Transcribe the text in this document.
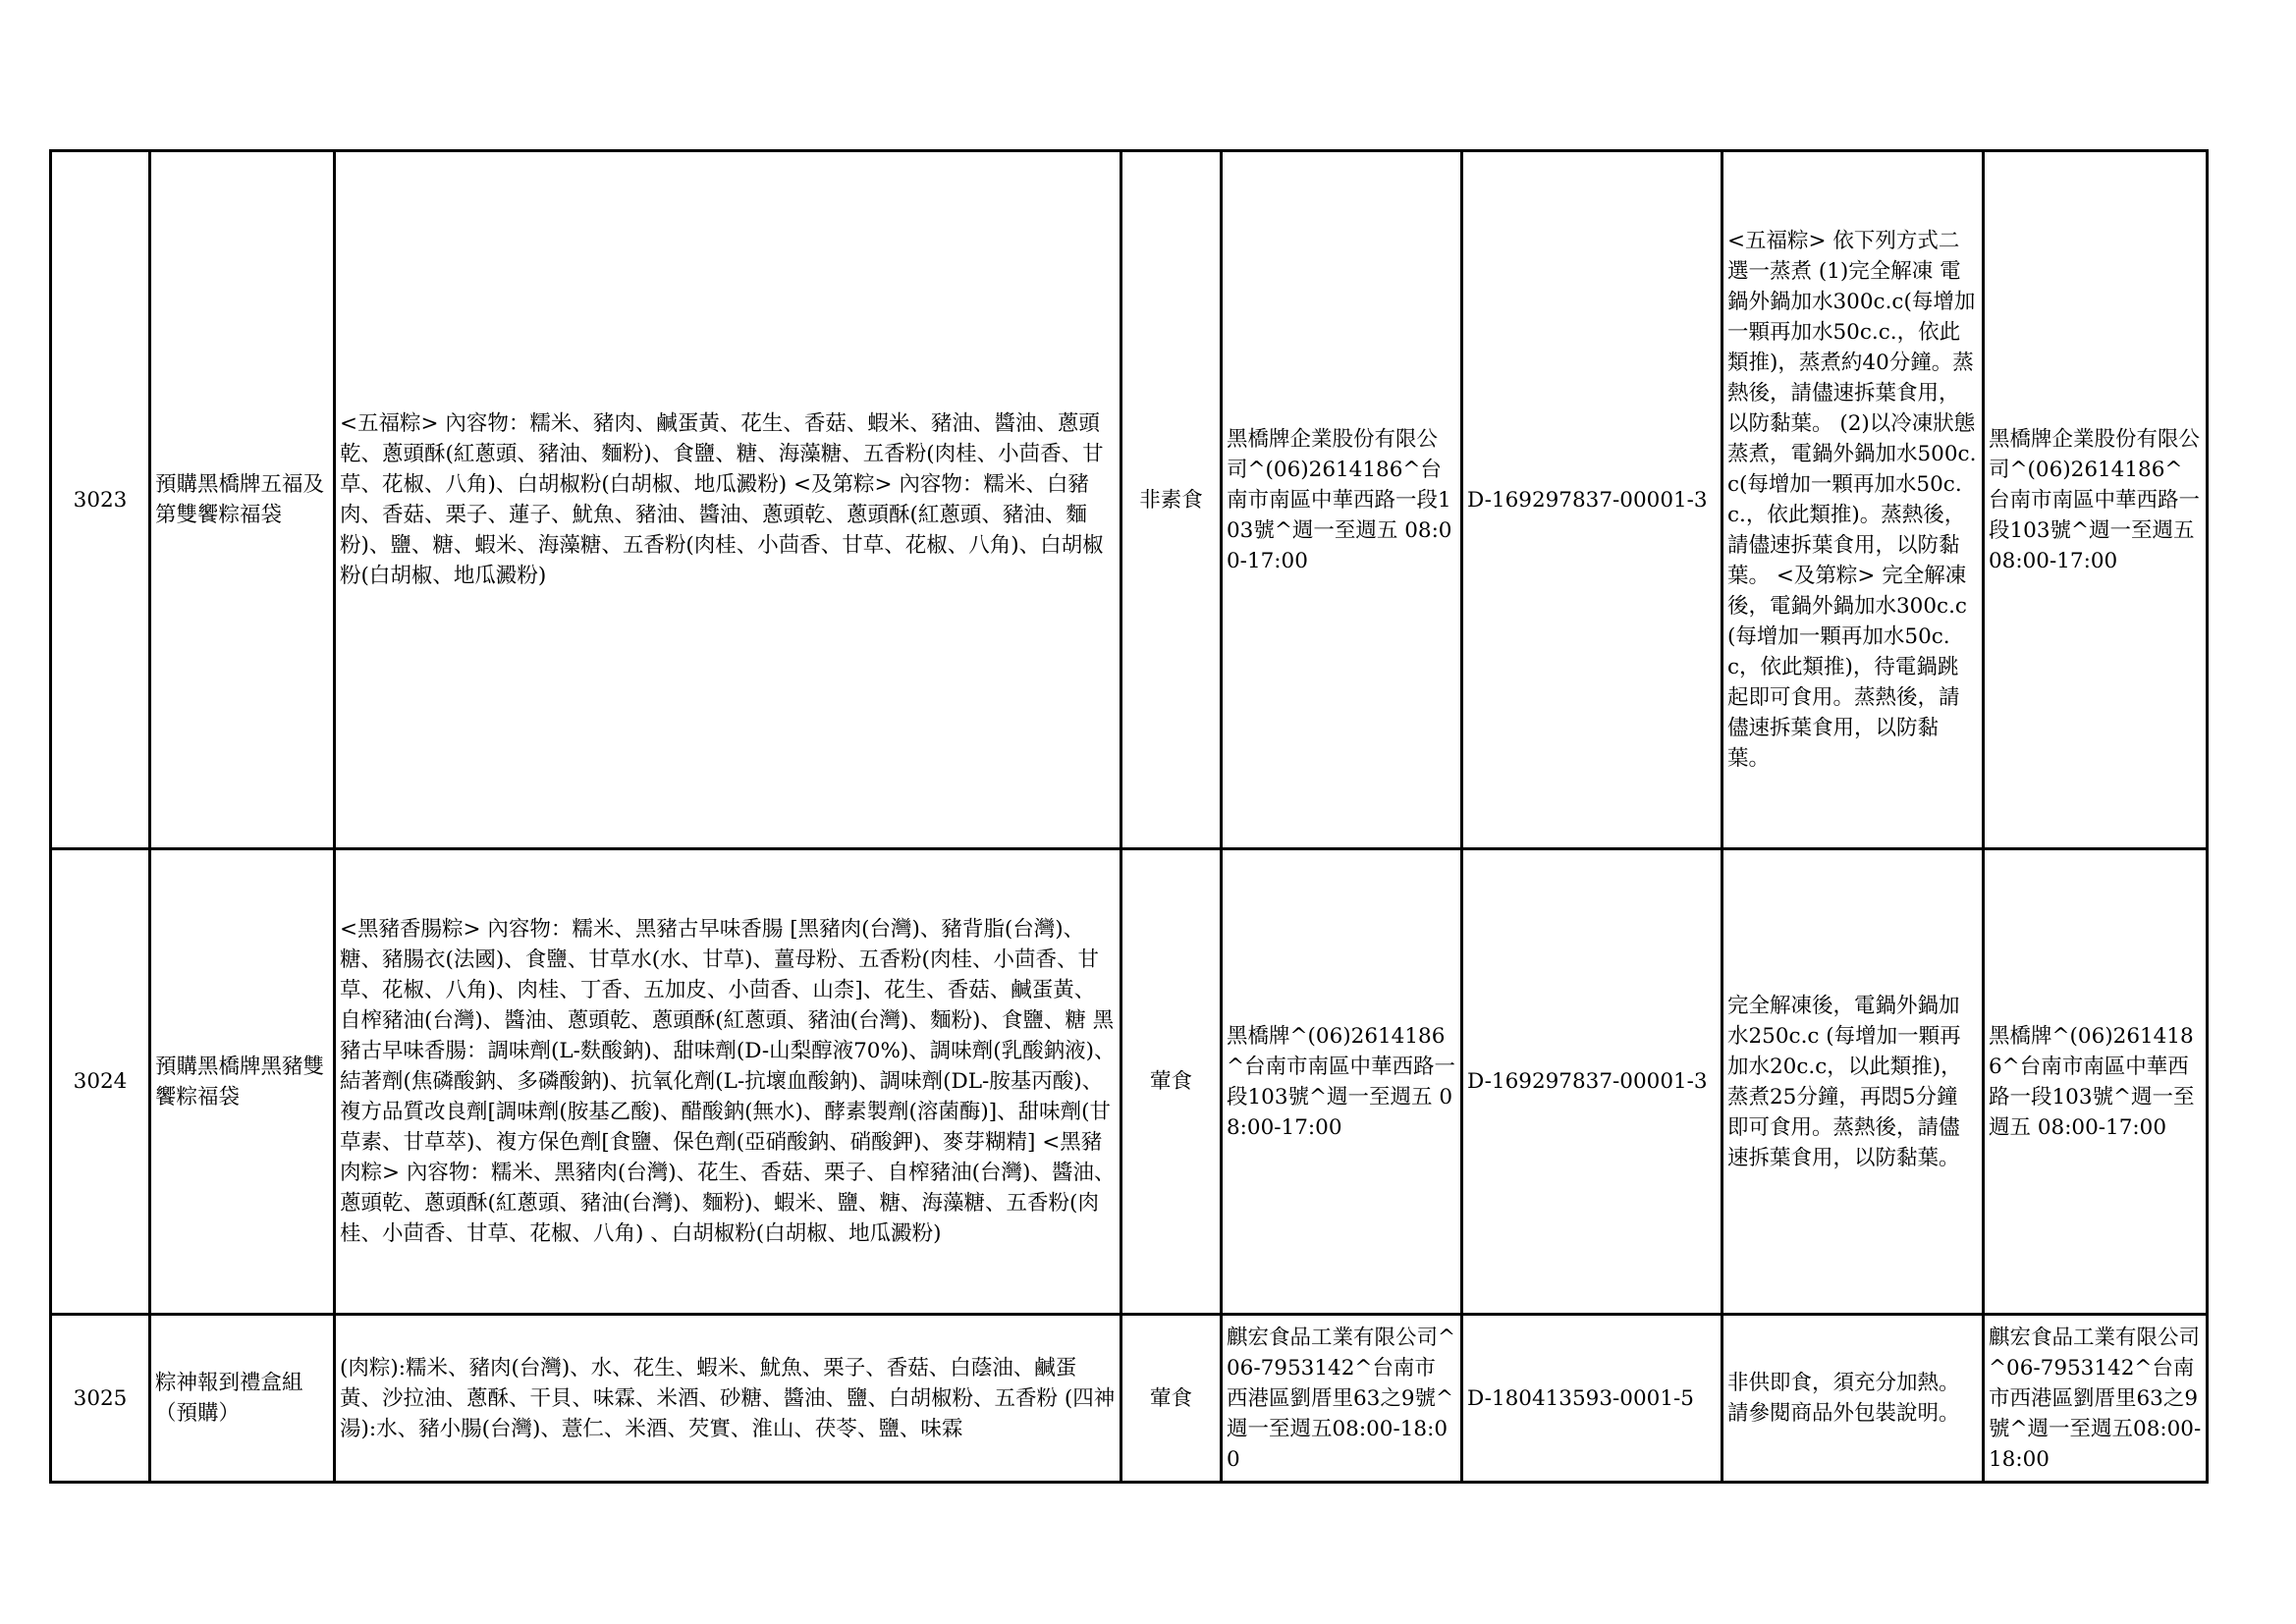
3023	預購黑橋牌五福及第雙饗粽福袋	<五福粽> 內容物：糯米、豬肉、鹹蛋黃、花生、香菇、蝦米、豬油、醬油、蔥頭乾、蔥頭酥(紅蔥頭、豬油、麵粉)、食鹽、糖、海藻糖、五香粉(肉桂、小茴香、甘草、花椒、八角)、白胡椒粉(白胡椒、地瓜澱粉) <及第粽> 內容物：糯米、白豬肉、香菇、栗子、蓮子、魷魚、豬油、醬油、蔥頭乾、蔥頭酥(紅蔥頭、豬油、麵粉)、鹽、糖、蝦米、海藻糖、五香粉(肉桂、小茴香、甘草、花椒、八角)、白胡椒粉(白胡椒、地瓜澱粉)	非素食	黑橋牌企業股份有限公司^(06)2614186^台南市南區中華西路一段103號^週一至週五 08:00-17:00	D-169297837-00001-3	<五福粽> 依下列方式二選一蒸煮 (1)完全解凍 電鍋外鍋加水300c.c(每增加一顆再加水50c.c.，依此類推)，蒸煮約40分鐘。蒸熱後，請儘速拆葉食用，以防黏葉。 (2)以冷凍狀態蒸煮，電鍋外鍋加水500c.c(每增加一顆再加水50c.c.，依此類推)。蒸熱後，請儘速拆葉食用，以防黏葉。 <及第粽> 完全解凍後，電鍋外鍋加水300c.c(每增加一顆再加水50c.c，依此類推)，待電鍋跳起即可食用。蒸熱後，請儘速拆葉食用，以防黏葉。	黑橋牌企業股份有限公司^(06)2614186^台南市南區中華西路一段103號^週一至週五08:00-17:00
3024	預購黑橋牌黑豬雙饗粽福袋	<黑豬香腸粽> 內容物：糯米、黑豬古早味香腸 [黑豬肉(台灣)、豬背脂(台灣)、糖、豬腸衣(法國)、食鹽、甘草水(水、甘草)、薑母粉、五香粉(肉桂、小茴香、甘草、花椒、八角)、肉桂、丁香、五加皮、小茴香、山柰]、花生、香菇、鹹蛋黃、自榨豬油(台灣)、醬油、蔥頭乾、蔥頭酥(紅蔥頭、豬油(台灣)、麵粉)、食鹽、糖 黑豬古早味香腸：調味劑(L-麩酸鈉)、甜味劑(D-山梨醇液70%)、調味劑(乳酸鈉液)、結著劑(焦磷酸鈉、多磷酸鈉)、抗氧化劑(L-抗壞血酸鈉)、調味劑(DL-胺基丙酸)、複方品質改良劑[調味劑(胺基乙酸)、醋酸鈉(無水)、酵素製劑(溶菌酶)]、甜味劑(甘草素、甘草萃)、複方保色劑[食鹽、保色劑(亞硝酸鈉、硝酸鉀)、麥芽糊精] <黑豬肉粽> 內容物：糯米、黑豬肉(台灣)、花生、香菇、栗子、自榨豬油(台灣)、醬油、蔥頭乾、蔥頭酥(紅蔥頭、豬油(台灣)、麵粉)、蝦米、鹽、糖、海藻糖、五香粉(肉桂、小茴香、甘草、花椒、八角) 、白胡椒粉(白胡椒、地瓜澱粉)	葷食	黑橋牌^(06)2614186^台南市南區中華西路一段103號^週一至週五 08:00-17:00	D-169297837-00001-3	完全解凍後，電鍋外鍋加水250c.c (每增加一顆再加水20c.c，以此類推)，蒸煮25分鐘，再悶5分鐘即可食用。蒸熱後，請儘速拆葉食用，以防黏葉。	黑橋牌^(06)2614186^台南市南區中華西路一段103號^週一至週五 08:00-17:00
3025	粽神報到禮盒組（預購）	(肉粽):糯米、豬肉(台灣)、水、花生、蝦米、魷魚、栗子、香菇、白蔭油、鹹蛋黃、沙拉油、蔥酥、干貝、味霖、米酒、砂糖、醬油、鹽、白胡椒粉、五香粉 (四神湯):水、豬小腸(台灣)、薏仁、米酒、芡實、淮山、茯苓、鹽、味霖	葷食	麒宏食品工業有限公司^06-7953142^台南市西港區劉厝里63之9號^週一至週五08:00-18:00	D-180413593-0001-5	非供即食，須充分加熱。請參閱商品外包裝說明。	麒宏食品工業有限公司^06-7953142^台南市西港區劉厝里63之9號^週一至週五08:00-18:00
